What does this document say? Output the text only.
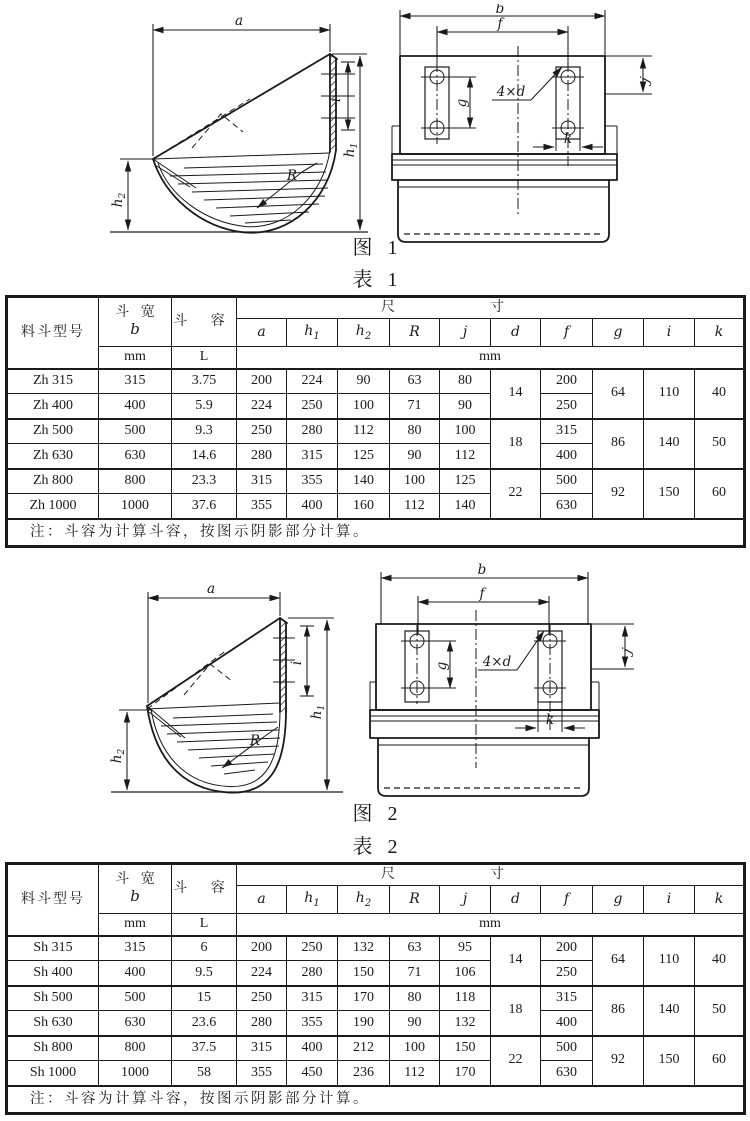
a
$h_1$
i
$h_2$
R
b
f
j
g
4×d
k
图 1
表 1
料斗型号	斗 宽
b	斗 容	尺寸									
			a	$h_1$	$h_2$	R	j	d	f	g	i	k
	mm	L	mm									
Zh 315	315	3.75	200	224	90	63	80	14	200	64	110	40
Zh 400	400	5.9	224	250	100	71	90		250			
Zh 500	500	9.3	250	280	112	80	100	18	315	86	140	50
Zh 630	630	14.6	280	315	125	90	112		400			
Zh 800	800	23.3	315	355	140	100	125	22	500	92	150	60
Zh 1000	1000	37.6	355	400	160	112	140		630			
注：斗容为计算斗容，按图示阴影部分计算。												
a
$h_1$
i
$h_2$
R
b
f
j
g 4×d
k
图 2
表 2
料斗型号	斗 宽
b	斗 容	尺寸									
			a	$h_1$	$h_2$	R	j	d	f	g	i	k
	mm	L	mm									
Sh 315	315	6	200	250	132	63	95	14	200	64	110	40
Sh 400	400	9.5	224	280	150	71	106		250			
Sh 500	500	15	250	315	170	80	118	18	315	86	140	50
Sh 630	630	23.6	280	355	190	90	132		400			
Sh 800	800	37.5	315	400	212	100	150	22	500	92	150	60
Sh 1000	1000	58	355	450	236	112	170		630			
注：斗容为计算斗容，按图示阴影部分计算。												
